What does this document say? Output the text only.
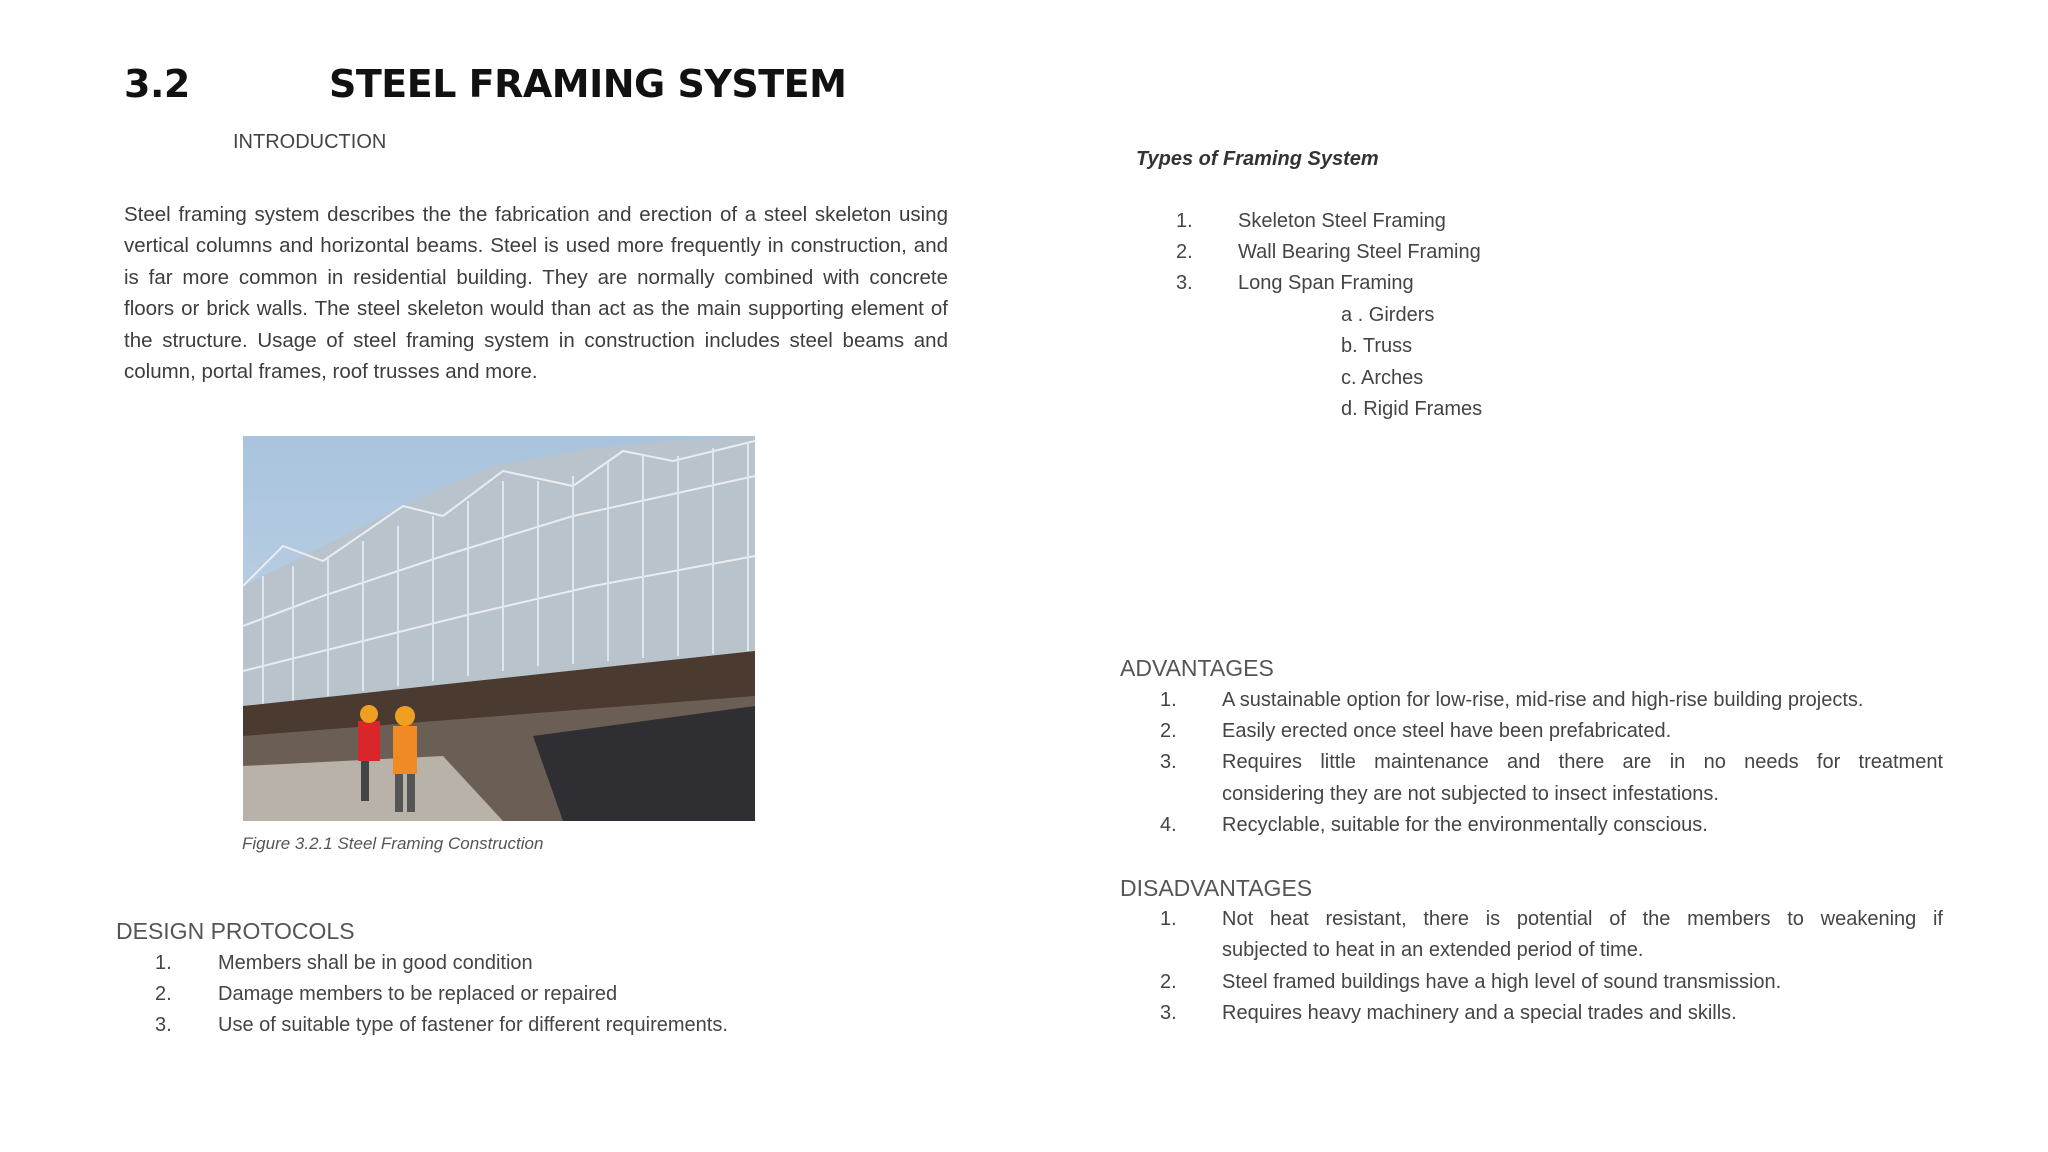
3.2	STEEL FRAMING SYSTEM
INTRODUCTION
Steel framing system describes the the fabrication and erection of a steel skeleton using vertical columns and horizontal beams. Steel is used more frequently in construction, and is far more common in residential building. They are normally combined with concrete floors or brick walls. The steel skeleton would than act as the main supporting element of the structure. Usage of steel framing system in construction includes steel beams and column, portal frames, roof trusses and more.
Figure 3.2.1 Steel Framing Construction
DESIGN PROTOCOLS
1. Members shall be in good condition
2. Damage members to be replaced or repaired
3. Use of suitable type of fastener for different requirements.
Types of Framing System
1. Skeleton Steel Framing
2. Wall Bearing Steel Framing
3. Long Span Framing
a . Girders
b. Truss
c. Arches
d. Rigid Frames
ADVANTAGES
1. A sustainable option for low-rise, mid-rise and high-rise building projects.
2. Easily erected once steel have been prefabricated.
3. Requires little maintenance and there are in no needs for treatment
considering they are not subjected to insect infestations.
4. Recyclable, suitable for the environmentally conscious.
DISADVANTAGES
1. Not heat resistant, there is potential of the members to weakening if
subjected to heat in an extended period of time.
2. Steel framed buildings have a high level of sound transmission.
3. Requires heavy machinery and a special trades and skills.
